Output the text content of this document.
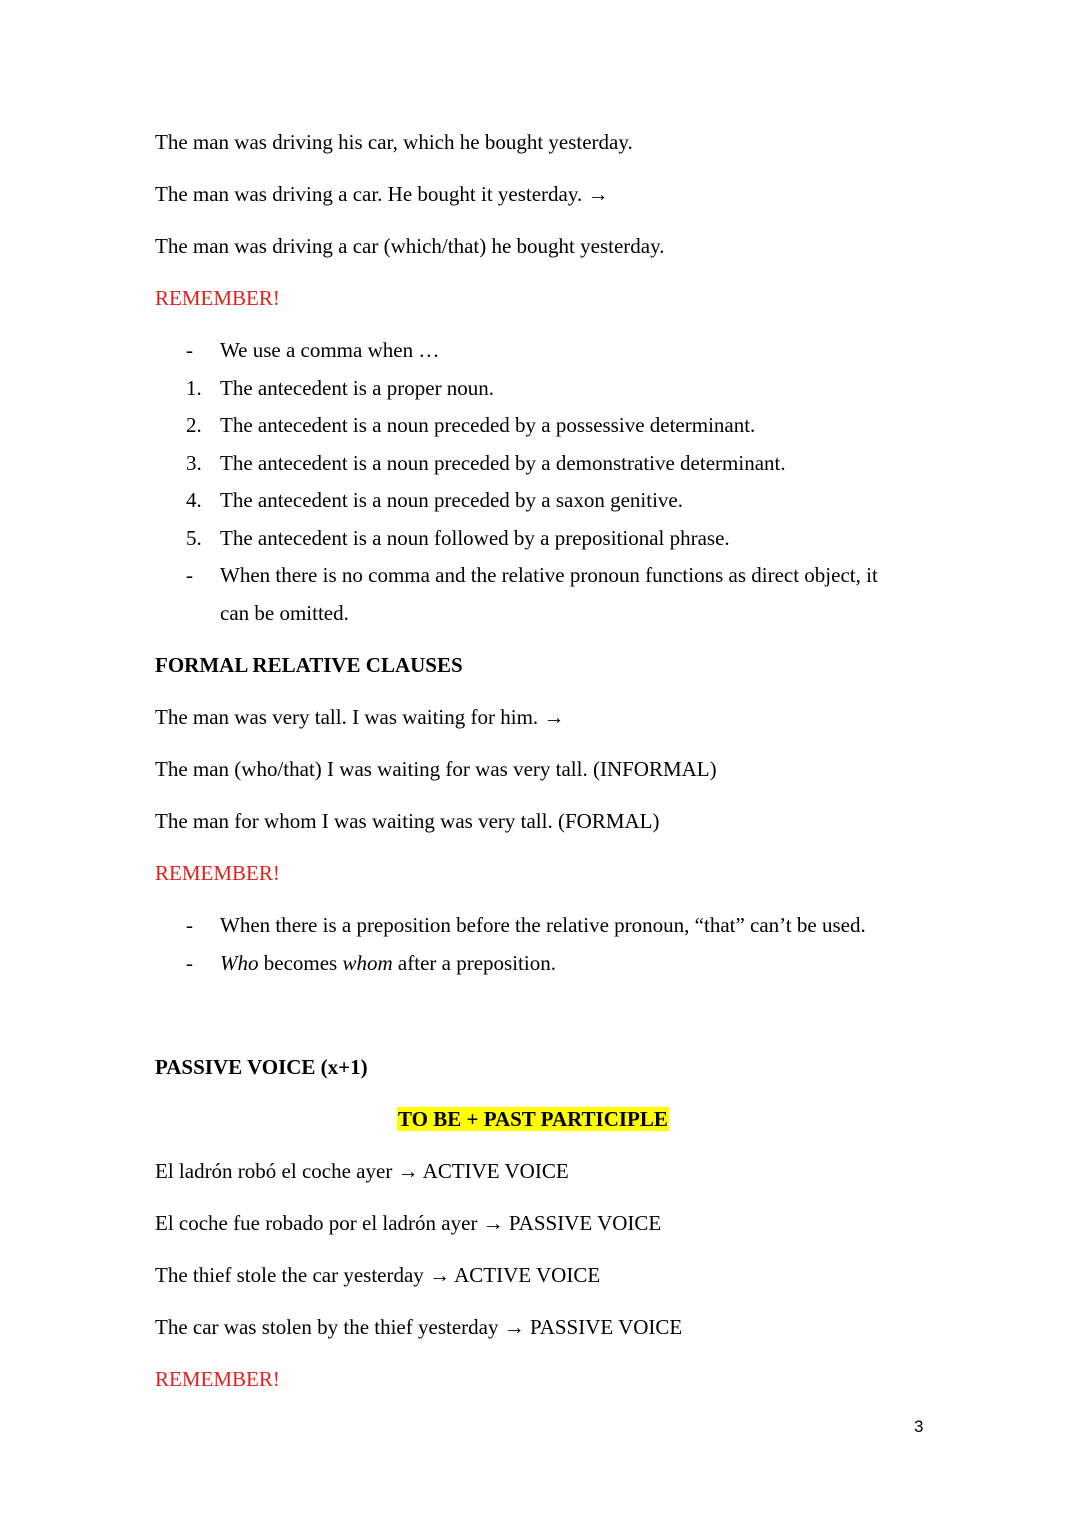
The man was driving his car, which he bought yesterday.
The man was driving a car. He bought it yesterday. →
The man was driving a car (which/that) he bought yesterday.
REMEMBER!
-	We use a comma when …
1. The antecedent is a proper noun.
2. The antecedent is a noun preceded by a possessive determinant.
3. The antecedent is a noun preceded by a demonstrative determinant.
4. The antecedent is a noun preceded by a saxon genitive.
5. The antecedent is a noun followed by a prepositional phrase.
-	When there is no comma and the relative pronoun functions as direct object, it
can be omitted.
FORMAL RELATIVE CLAUSES
The man was very tall. I was waiting for him. →
The man (who/that) I was waiting for was very tall. (INFORMAL)
The man for whom I was waiting was very tall. (FORMAL)
REMEMBER!
-	When there is a preposition before the relative pronoun, “that” can’t be used.
-	Who becomes whom after a preposition.
PASSIVE VOICE (x+1)
TO BE + PAST PARTICIPLE
El ladrón robó el coche ayer → ACTIVE VOICE
El coche fue robado por el ladrón ayer → PASSIVE VOICE
The thief stole the car yesterday → ACTIVE VOICE
The car was stolen by the thief yesterday → PASSIVE VOICE
REMEMBER!
3
